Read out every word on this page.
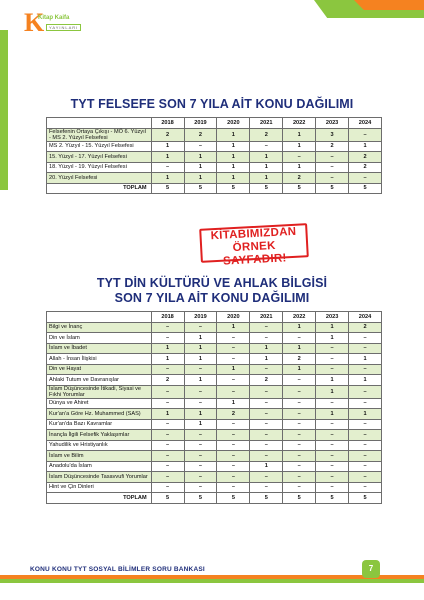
K
Kitap Kaifa
YAYINLARI
TYT FELSEFE SON 7 YILA AİT KONU DAĞILIMI
	2018	2019	2020	2021	2022	2023	2024
Felsefenin Ortaya Çıkışı - MÖ 6. Yüzyıl - MS 2. Yüzyıl Felsefesi	2	2	1	2	1	3	–
MS 2. Yüzyıl - 15. Yüzyıl Felsefesi	1	–	1	–	1	2	1
15. Yüzyıl - 17. Yüzyıl Felsefesi	1	1	1	1	–	–	2
18. Yüzyıl - 19. Yüzyıl Felsefesi	–	1	1	1	1	–	2
20. Yüzyıl Felsefesi	1	1	1	1	2	–	–
TOPLAM	5	5	5	5	5	5	5
KİTABIMIZDAN
ÖRNEK SAYFADIR!
TYT DİN KÜLTÜRÜ VE AHLAK BİLGİSİ
SON 7 YILA AİT KONU DAĞILIMI
	2018	2019	2020	2021	2022	2023	2024
Bilgi ve İnanç	–	–	1	–	1	1	2
Din ve İslam	–	1	–	–	–	1	–
İslam ve İbadet	1	1	–	1	1	–	–
Allah - İnsan İlişkisi	1	1	–	1	2	–	1
Din ve Hayat	–	–	1	–	1	–	–
Ahlaki Tutum ve Davranışlar	2	1	–	2	–	1	1
İslam Düşüncesinde İtikadi, Siyasi ve Fıkhi Yorumlar	–	–	–	–	–	1	–
Dünya ve Ahiret	–	–	1	–	–	–	–
Kur'an'a Göre Hz. Muhammed (SAS)	1	1	2	–	–	1	1
Kur'an'da Bazı Kavramlar	–	1	–	–	–	–	–
İnançla İlgili Felsefik Yaklaşımlar	–	–	–	–	–	–	–
Yahudilik ve Hristiyanlık	–	–	–	–	–	–	–
İslam ve Bilim	–	–	–	–	–	–	–
Anadolu'da İslam	–	–	–	1	–	–	–
İslam Düşüncesinde Tasavvufi Yorumlar	–	–	–	–	–	–	–
Hint ve Çin Dinleri	–	–	–	–	–	–	–
TOPLAM	5	5	5	5	5	5	5
KONU KONU TYT SOSYAL BİLİMLER SORU BANKASI	7
